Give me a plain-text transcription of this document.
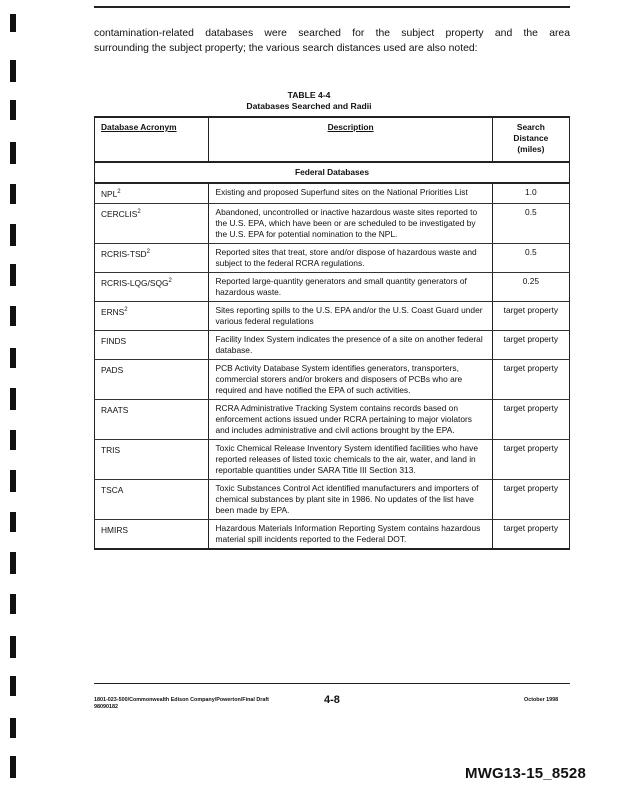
contamination-related databases were searched for the subject property and the area
surrounding the subject property; the various search distances used are also noted:
TABLE 4-4
Databases Searched and Radii
Database Acronym	Description	Search
Distance
(miles)

Federal Databases		
NPL$^2$	Existing and proposed Superfund sites on the National Priorities List	1.0
CERCLIS$^2$	Abandoned, uncontrolled or inactive hazardous waste sites reported to the U.S. EPA, which have been or are scheduled to be investigated by the U.S. EPA for potential nomination to the NPL.	0.5
RCRIS-TSD$^2$	Reported sites that treat, store and/or dispose of hazardous waste and subject to the federal RCRA regulations.	0.5
RCRIS-LQG/SQG$^2$	Reported large-quantity generators and small quantity generators of hazardous waste.	0.25
ERNS$^2$	Sites reporting spills to the U.S. EPA and/or the U.S. Coast Guard under various federal regulations	target property
FINDS	Facility Index System indicates the presence of a site on another federal database.	target property
PADS	PCB Activity Database System identifies generators, transporters, commercial storers and/or brokers and disposers of PCBs who are required and have notified the EPA of such activities.	target property
RAATS	RCRA Administrative Tracking System contains records based on enforcement actions issued under RCRA pertaining to major violators and includes administrative and civil actions brought by the EPA.	target property
TRIS	Toxic Chemical Release Inventory System identified facilities who have reported releases of listed toxic chemicals to the air, water, and land in reportable quantities under SARA Title III Section 313.	target property
TSCA	Toxic Substances Control Act identified manufacturers and importers of chemical substances by plant site in 1986. No updates of the list have been made by EPA.	target property
HMIRS	Hazardous Materials Information Reporting System contains hazardous material spill incidents reported to the Federal DOT.	target property
1801-023-500/Commonwealth Edison Company/Powerton/Final Draft
98090182
4-8	October 1998
MWG13-15_8528
